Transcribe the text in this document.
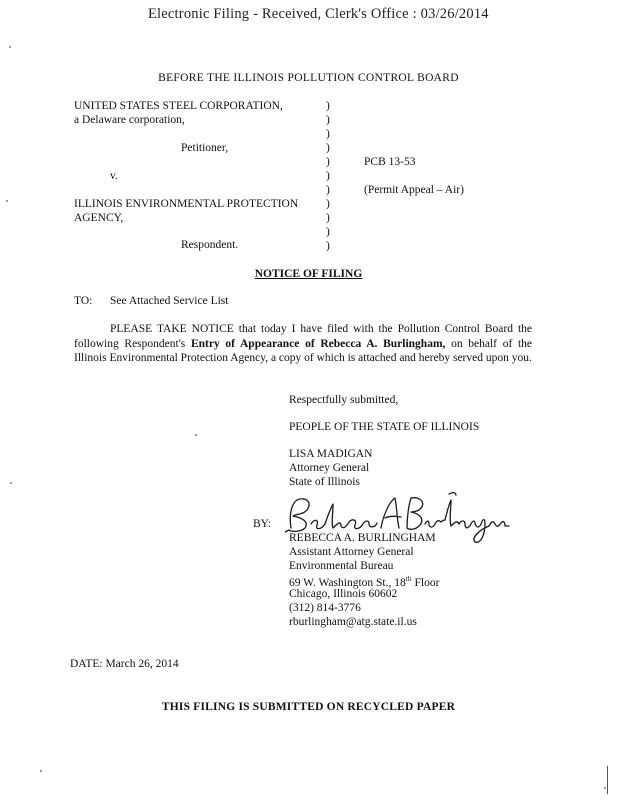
Electronic Filing - Received, Clerk's Office : 03/26/2014
BEFORE THE ILLINOIS POLLUTION CONTROL BOARD
UNITED STATES STEEL CORPORATION,
a Delaware corporation,
Petitioner,
v.
ILLINOIS ENVIRONMENTAL PROTECTION
AGENCY,
Respondent.
)
)
)
)
)
)
)
)
)
)
)
PCB 13-53
(Permit Appeal – Air)
NOTICE OF FILING
TO: See Attached Service List
PLEASE TAKE NOTICE that today I have filed with the Pollution Control Board the following Respondent's Entry of Appearance of Rebecca A. Burlingham, on behalf of the Illinois Environmental Protection Agency, a copy of which is attached and hereby served upon you.
Respectfully submitted,
PEOPLE OF THE STATE OF ILLINOIS
LISA MADIGAN
Attorney General
State of Illinois
BY:
REBECCA A. BURLINGHAM
Assistant Attorney General
Environmental Bureau
69 W. Washington St., 18th Floor
Chicago, Illinois 60602
(312) 814-3776
rburlingham@atg.state.il.us
DATE: March 26, 2014
THIS FILING IS SUBMITTED ON RECYCLED PAPER
